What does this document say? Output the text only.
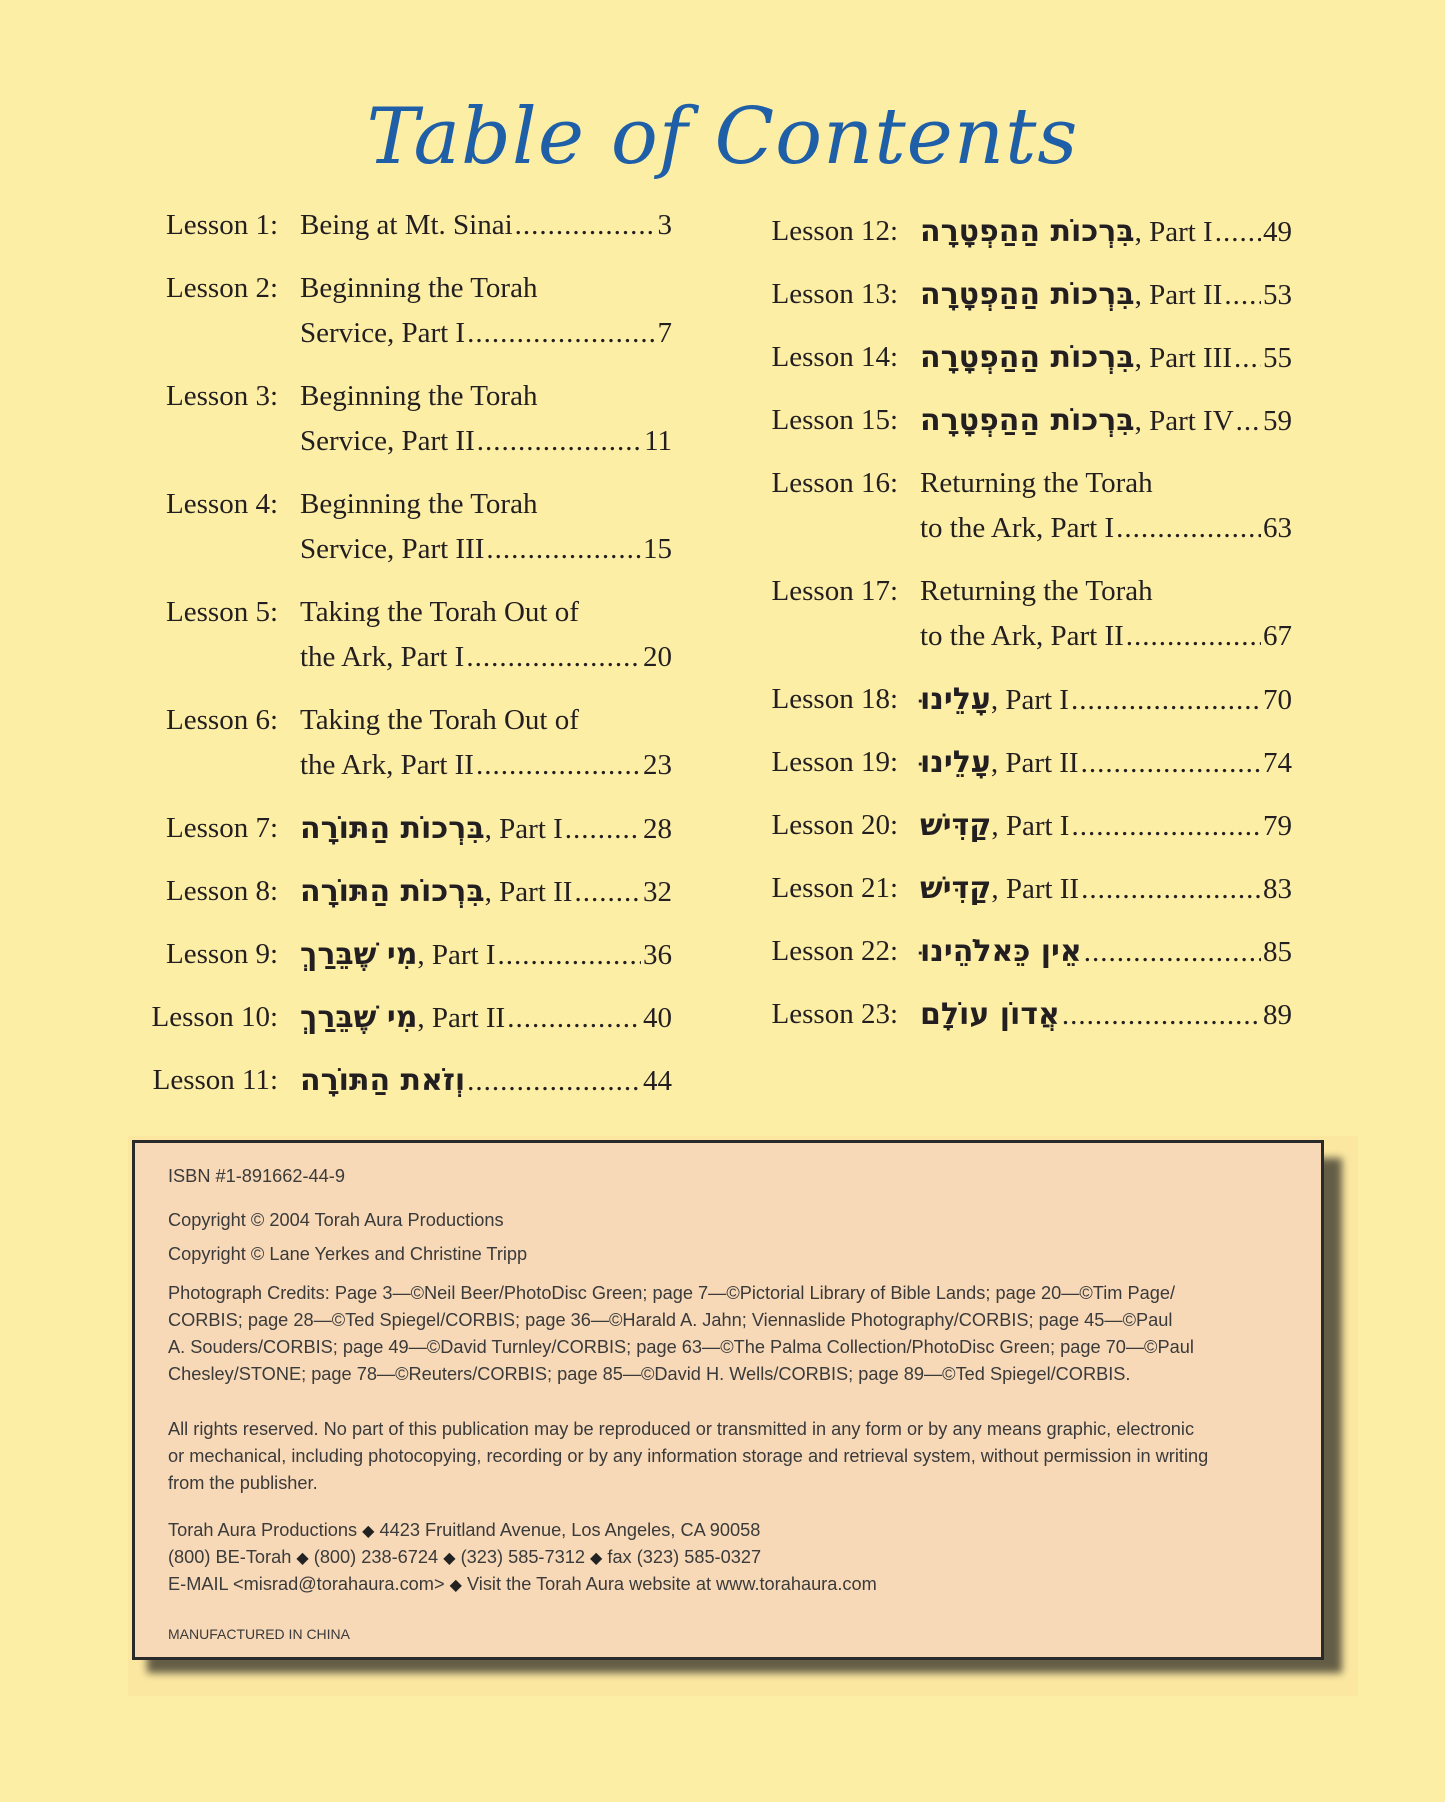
Table of Contents
Lesson 1: Being at Mt. Sinai .....	3
Lesson 2: Beginning the Torah
Service, Part I .....	7
Lesson 3: Beginning the Torah
Service, Part II .....	11
Lesson 4: Beginning the Torah
Service, Part III .....	15
Lesson 5: Taking the Torah Out of
the Ark, Part I .....	20
Lesson 6: Taking the Torah Out of
the Ark, Part II .....	23
Lesson 7: בִּרְכוֹת הַתּוֹרָה , Part I .....	28
Lesson 8: בִּרְכוֹת הַתּוֹרָה , Part II ..... 32
Lesson 9: מִי שֶׁבֵּרַךְ , Part I .....	36
Lesson 10: מִי שֶׁבֵּרַךְ , Part II .....	40
Lesson 11: וְזֹאת הַתּוֹרָה .....	44
Lesson 12: בִּרְכוֹת הַהַפְטָרָה , Part I ..... 49
Lesson 13: בִּרְכוֹת הַהַפְטָרָה , Part II ..... 53
Lesson 14: בִּרְכוֹת הַהַפְטָרָה , Part III ..... 55
Lesson 15: בִּרְכוֹת הַהַפְטָרָה , Part IV ..... 59
Lesson 16: Returning the Torah
to the Ark, Part I .....	63
Lesson 17: Returning the Torah
to the Ark, Part II .....	67
Lesson 18: עָלֵינוּ , Part I .....	70
Lesson 19: עָלֵינוּ , Part II .....	74
Lesson 20: קַדִּישׁ , Part I .....	79
Lesson 21: קַדִּישׁ , Part II .....	83
Lesson 22: אֵין כֵּאלֹהֵינוּ .....	85
Lesson 23: אֲדוֹן עוֹלָם .....	89

ISBN #1-891662-44-9

Copyright © 2004 Torah Aura Productions

Copyright © Lane Yerkes and Christine Tripp

Photograph Credits: Page 3—©Neil Beer/PhotoDisc Green; page 7—©Pictorial Library of Bible Lands; page 20—©Tim Page/

CORBIS; page 28—©Ted Spiegel/CORBIS; page 36—©Harald A. Jahn; Viennaslide Photography/CORBIS; page 45—©Paul

A. Souders/CORBIS; page 49—©David Turnley/CORBIS; page 63—©The Palma Collection/PhotoDisc Green; page 70—©Paul

Chesley/STONE; page 78—©Reuters/CORBIS; page 85—©David H. Wells/CORBIS; page 89—©Ted Spiegel/CORBIS.

All rights reserved. No part of this publication may be reproduced or transmitted in any form or by any means graphic, electronic

or mechanical, including photocopying, recording or by any information storage and retrieval system, without permission in writing

from the publisher.

Torah Aura Productions ◆ 4423 Fruitland Avenue, Los Angeles, CA 90058

(800) BE-Torah ◆ (800) 238-6724 ◆ (323) 585-7312 ◆ fax (323) 585-0327

E-MAIL <misrad@torahaura.com> ◆ Visit the Torah Aura website at www.torahaura.com

MANUFACTURED IN CHINA
